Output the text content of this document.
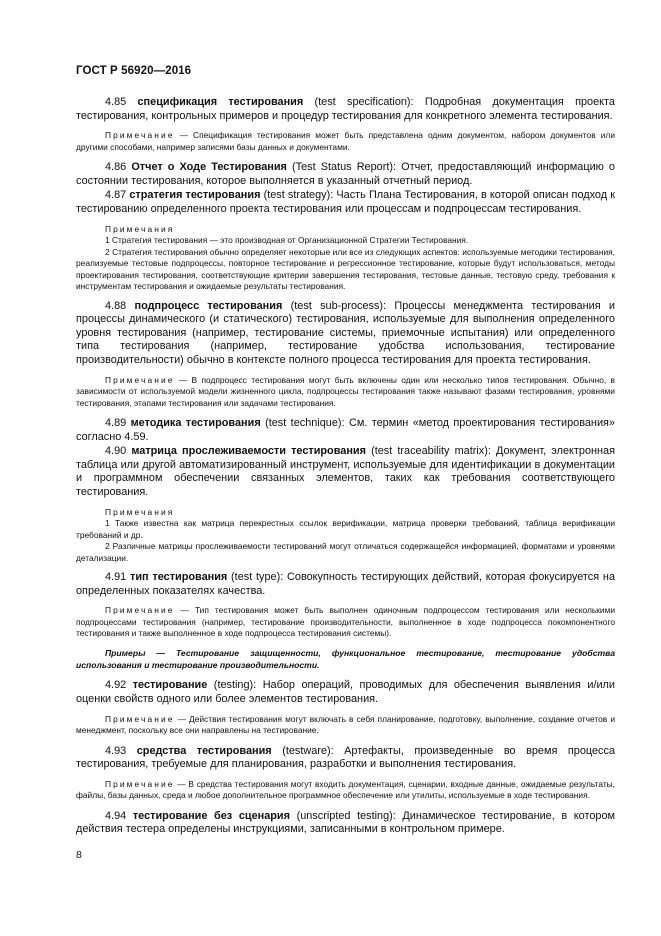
ГОСТ Р 56920—2016

4.85 спецификация тестирования (test specification): Подробная документация проекта тестирования, контрольных примеров и процедур тестирования для конкретного элемента тестирования.

Примечание — Спецификация тестирования может быть представлена одним документом, набором документов или другими способами, например записями базы данных и документами.

4.86 Отчет о Ходе Тестирования (Test Status Report): Отчет, предоставляющий информацию о состоянии тестирования, которое выполняется в указанный отчетный период.

4.87 стратегия тестирования (test strategy): Часть Плана Тестирования, в которой описан подход к тестированию определенного проекта тестирования или процессам и подпроцессам тестирования.

Примечания

1 Стратегия тестирования — это производная от Организационной Стратегии Тестирования.

2 Стратегия тестирования обычно определяет некоторые или все из следующих аспектов: используемые методики тестирования, реализуемые тестовые подпроцессы, повторное тестирование и регрессионное тестирование, которые будут использоваться, методы проектирования тестирования, соответствующие критерии завершения тестирования, тестовые данные, тестовую среду, требования к инструментам тестирования и ожидаемые результаты тестирования.

4.88 подпроцесс тестирования (test sub-process): Процессы менеджмента тестирования и процессы динамического (и статического) тестирования, используемые для выполнения определенного уровня тестирования (например, тестирование системы, приемочные испытания) или определенного типа тестирования (например, тестирование удобства использования, тестирование производительности) обычно в контексте полного процесса тестирования для проекта тестирования.

Примечание — В подпроцесс тестирования могут быть включены один или несколько типов тестирования. Обычно, в зависимости от используемой модели жизненного цикла, подпроцессы тестирования также называют фазами тестирования, уровнями тестирования, этапами тестирования или задачами тестирования.

4.89 методика тестирования (test technique): См. термин «метод проектирования тестирования» согласно 4.59.

4.90 матрица прослеживаемости тестирования (test traceability matrix): Документ, электронная таблица или другой автоматизированный инструмент, используемые для идентификации в документации и программном обеспечении связанных элементов, таких как требования соответствующего тестирования.

Примечания

1 Также известна как матрица перекрестных ссылок верификации, матрица проверки требований, таблица верификации требований и др.

2 Различные матрицы прослеживаемости тестирований могут отличаться содержащейся информацией, форматами и уровнями детализации.

4.91 тип тестирования (test type): Совокупность тестирующих действий, которая фокусируется на определенных показателях качества.

Примечание — Тип тестирования может быть выполнен одиночным подпроцессом тестирования или несколькими подпроцессами тестирования (например, тестирование производительности, выполненное в ходе подпроцесса покомпонентного тестирования и также выполненное в ходе подпроцесса тестирования системы).

Примеры — Тестирование защищенности, функциональное тестирование, тестирование удобства использования и тестирование производительности.

4.92 тестирование (testing): Набор операций, проводимых для обеспечения выявления и/или оценки свойств одного или более элементов тестирования.

Примечание — Действия тестирования могут включать в себя планирование, подготовку, выполнение, создание отчетов и менеджмент, поскольку все они направлены на тестирование.

4.93 средства тестирования (testware): Артефакты, произведенные во время процесса тестирования, требуемые для планирования, разработки и выполнения тестирования.

Примечание — В средства тестирования могут входить документация, сценарии, входные данные, ожидаемые результаты, файлы, базы данных, среда и любое дополнительное программное обеспечение или утилиты, используемые в ходе тестирования.

4.94 тестирование без сценария (unscripted testing): Динамическое тестирование, в котором действия тестера определены инструкциями, записанными в контрольном примере.

8
